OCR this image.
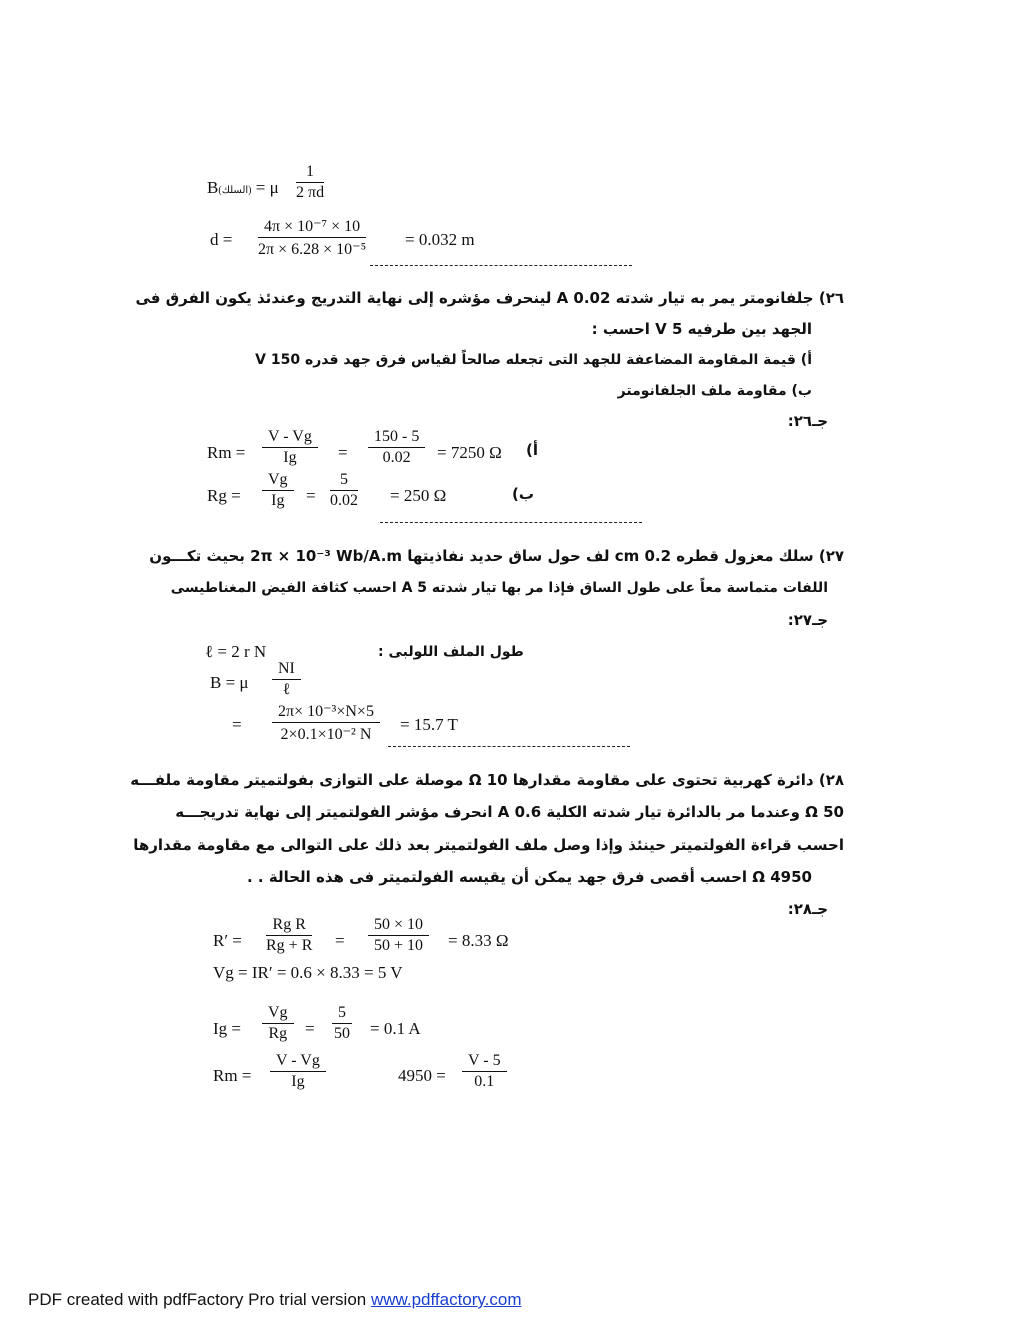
B(السلك) = μ $\frac{1}{2 \pi d}$
$d = \frac{\text{4π × 10⁻⁷ × 10}}{\text{2π × 6.28 × 10⁻⁵}} = 0.032$ m
٢٦) جلفانومتر يمر به تيار شدته 0.02 A لينحرف مؤشره إلى نهاية التدريج وعندئذ يكون الفرق فى
الجهد بين طرفيه 5 V احسب :
أ) قيمة المقاومة المضاعفة للجهد التى تجعله صالحاً لقياس فرق جهد قدره 150 V
ب) مقاومة ملف الجلفانومتر
جـ٢٦:
$Rm = \frac{V - Vg}{Ig} = \frac{150 - 5}{0.02} = 7250$ Ω أ)
$Rg = \frac{Vg}{Ig} = \frac{5}{0.02} = 250$ Ω	ب)
٢٧) سلك معزول قطره 0.2 cm لف حول ساق حديد نفاذيتها 2π × 10⁻³ Wb/A.m بحيث تكـــون
اللفات متماسة معاً على طول الساق فإذا مر بها تيار شدته 5 A احسب كثافة الفيض المغناطيسى
جـ٢٧:
ℓ = 2 r N	طول الملف اللولبى :
B = μ
NI
ℓ
= $\frac{\text{2π× 10⁻³×N×5}}{\text{2×0.1×10⁻² N}} = 15.7$ T
٢٨) دائرة كهربية تحتوى على مقاومة مقدارها 10 Ω موصلة على التوازى بفولتميتر مقاومة ملفـــه
50 Ω وعندما مر بالدائرة تيار شدته الكلية 0.6 A انحرف مؤشر الفولتميتر إلى نهاية تدريجـــه
احسب قراءة الفولتميتر حينئذ وإذا وصل ملف الفولتميتر بعد ذلك على التوالى مع مقاومة مقدارها
4950 Ω احسب أقصى فرق جهد يمكن أن يقيسه الفولتميتر فى هذه الحالة . .
جـ٢٨:
$R' = \frac{\text{Rg R}}{Rg + R} = \frac{50 \times 10}{50 + 10} = 8.33$ Ω
Vg = IR′ = 0.6 × 8.33 = 5 V
$Ig = \frac{Vg}{Rg} = \frac{5}{50} = 0.1$ A
$Rm = \frac{V - Vg}{Ig}$	$4950 = \frac{V - 5}{0.1}$
PDF created with pdfFactory Pro trial version www.pdffactory.com
